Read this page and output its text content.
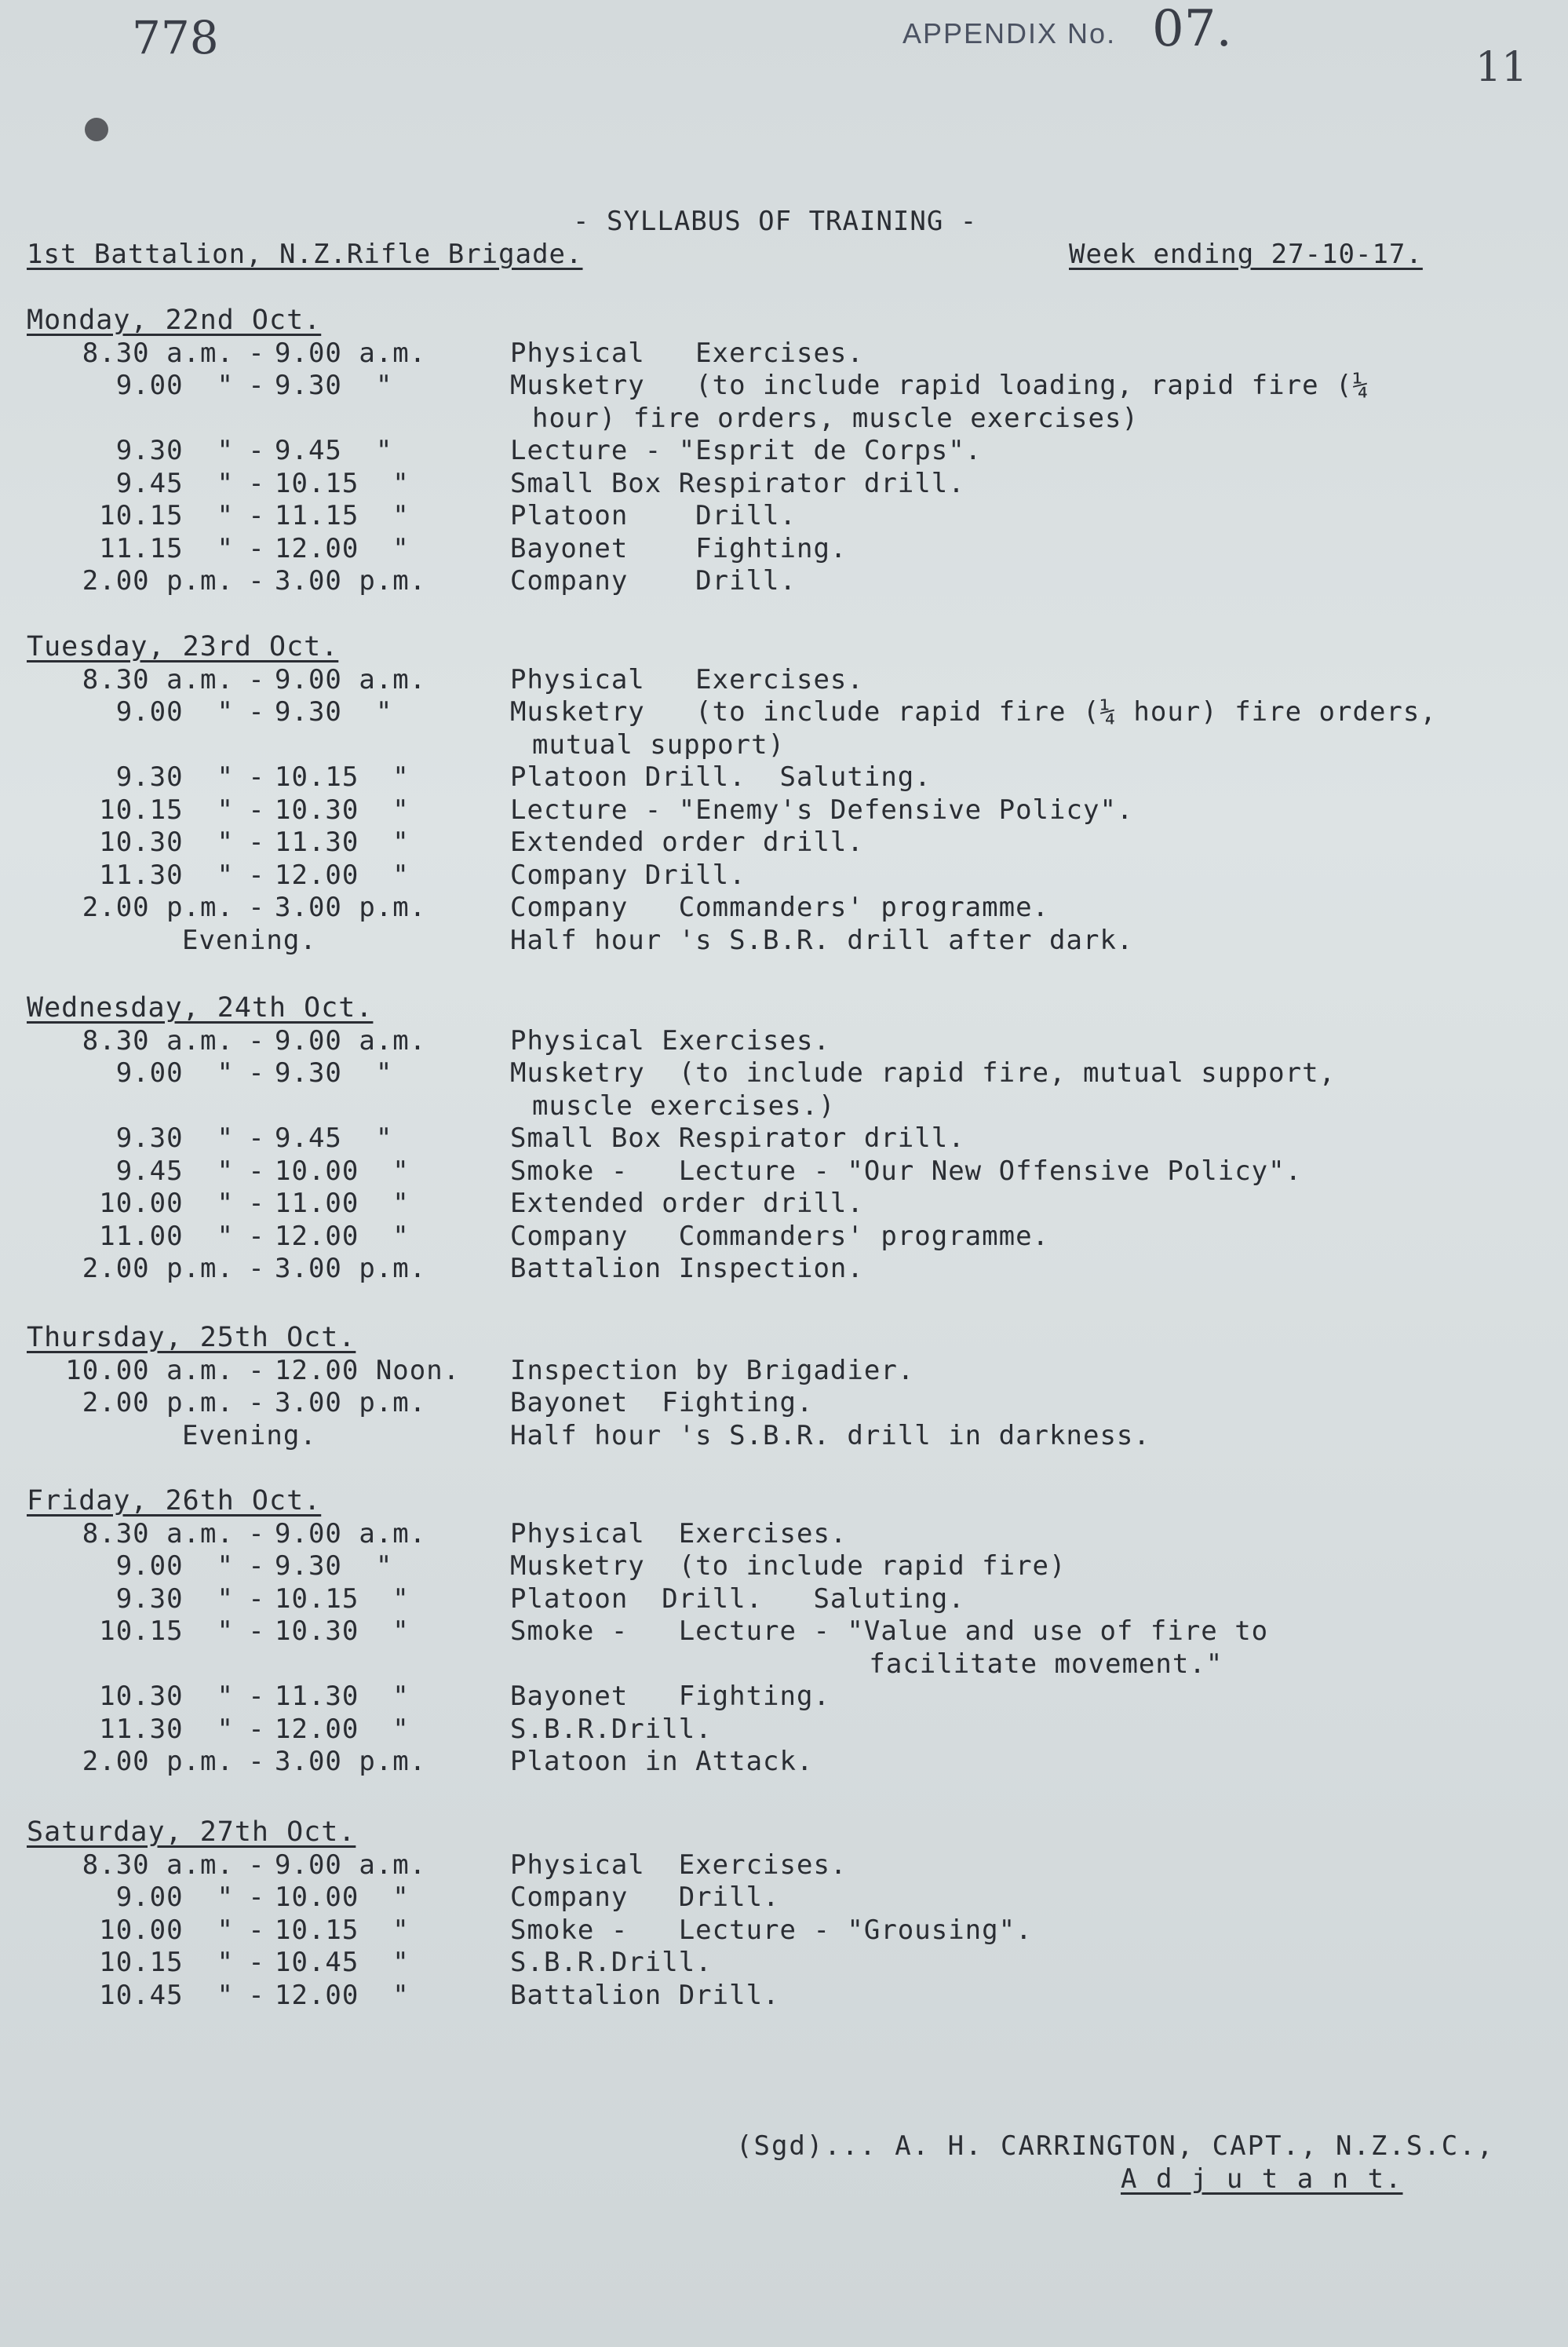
778	APPENDIX No. 07.
11
- SYLLABUS OF TRAINING -
1st Battalion, N.Z.Rifle Brigade.	Week ending 27-10-17.
Monday, 22nd Oct.
8.30 a.m. - 9.00 a.m.	Physical   Exercises.
9.00  " - 9.30  "	Musketry   (to include rapid loading, rapid fire (¼
hour) fire orders, muscle exercises)
9.30  " - 9.45  "	Lecture - "Esprit de Corps".
9.45  " - 10.15  "	Small Box Respirator drill.
10.15  " - 11.15  "	Platoon    Drill.
11.15  " - 12.00  "	Bayonet    Fighting.
2.00 p.m. - 3.00 p.m.	Company    Drill.
Tuesday, 23rd Oct.
8.30 a.m. - 9.00 a.m.	Physical   Exercises.
9.00  " - 9.30  "	Musketry   (to include rapid fire (¼ hour) fire orders,
mutual support)
9.30  " - 10.15  "	Platoon Drill.  Saluting.
10.15  " - 10.30  "	Lecture - "Enemy's Defensive Policy".
10.30  " - 11.30  "	Extended order drill.
11.30  " - 12.00  "	Company Drill.
2.00 p.m. - 3.00 p.m.	Company   Commanders' programme.
Evening.	Half hour 's S.B.R. drill after dark.
Wednesday, 24th Oct.
8.30 a.m. - 9.00 a.m.	Physical Exercises.
9.00  " - 9.30  "	Musketry  (to include rapid fire, mutual support,
muscle exercises.)
9.30  " - 9.45  "	Small Box Respirator drill.
9.45  " - 10.00  "	Smoke -   Lecture - "Our New Offensive Policy".
10.00  " - 11.00  "	Extended order drill.
11.00  " - 12.00  "	Company   Commanders' programme.
2.00 p.m. - 3.00 p.m.	Battalion Inspection.
Thursday, 25th Oct.
10.00 a.m. - 12.00 Noon.	Inspection by Brigadier.
2.00 p.m. - 3.00 p.m.	Bayonet  Fighting.
Evening.	Half hour 's S.B.R. drill in darkness.
Friday, 26th Oct.
8.30 a.m. - 9.00 a.m.	Physical  Exercises.
9.00  " - 9.30  "	Musketry  (to include rapid fire)
9.30  " - 10.15  "	Platoon  Drill.   Saluting.
10.15  " - 10.30  "	Smoke -   Lecture - "Value and use of fire to
facilitate movement."
10.30  " - 11.30  "	Bayonet   Fighting.
11.30  " - 12.00  "	S.B.R.Drill.
2.00 p.m. - 3.00 p.m.	Platoon in Attack.
Saturday, 27th Oct.
8.30 a.m. - 9.00 a.m.	Physical  Exercises.
9.00  " - 10.00  "	Company   Drill.
10.00  " - 10.15  "	Smoke -   Lecture - "Grousing".
10.15  " - 10.45  "	S.B.R.Drill.
10.45  " - 12.00  "	Battalion Drill.
(Sgd)... A. H. CARRINGTON, CAPT., N.Z.S.C.,
A d j u t a n t.
